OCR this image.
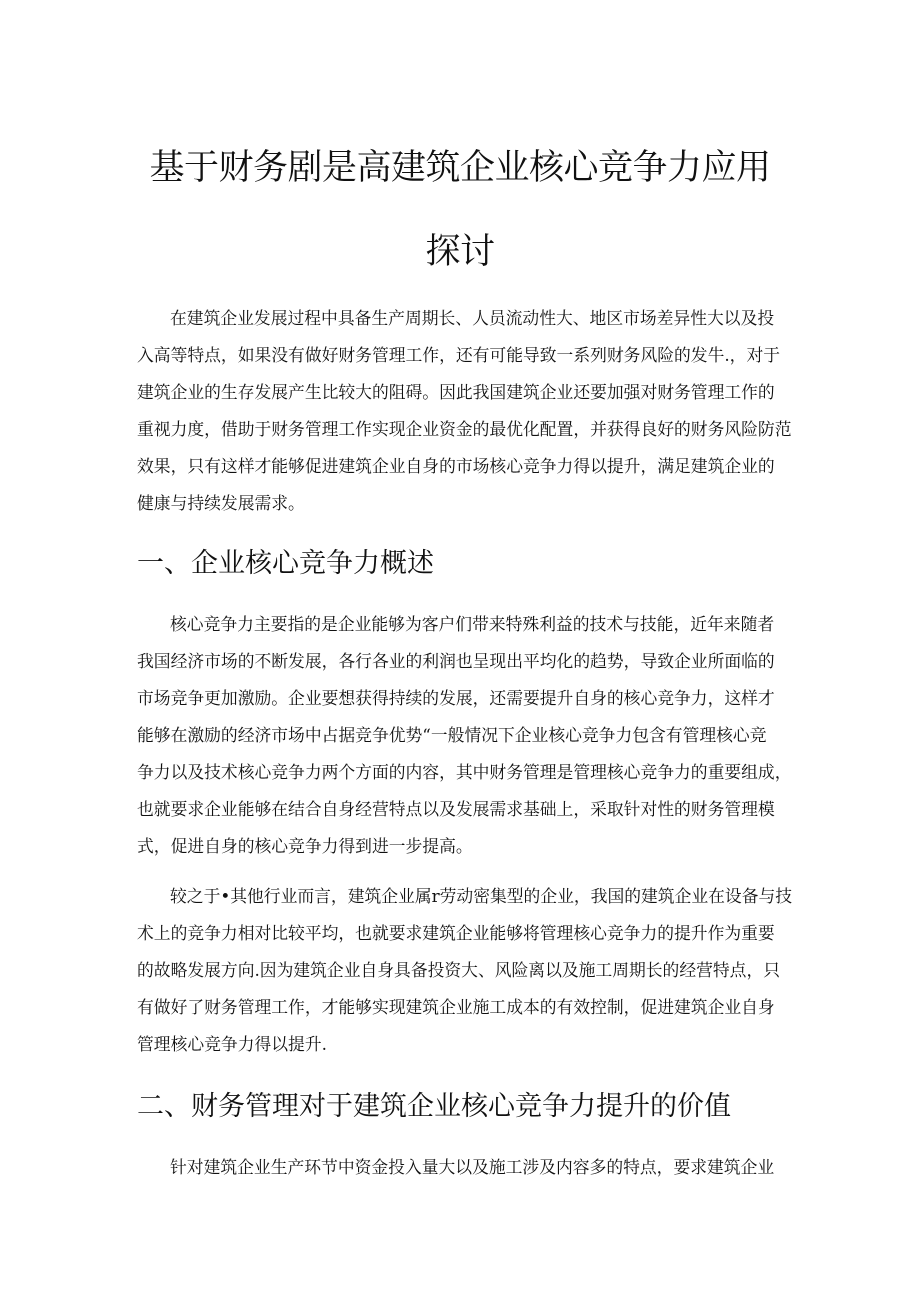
基于财务剧是高建筑企业核心竞争力应用
探讨
在建筑企业发展过程中具备生产周期长、人员流动性大、地区市场差异性大以及投
入高等特点，如果没有做好财务管理工作，还有可能导致一系列财务风险的发牛.，对于
建筑企业的生存发展产生比较大的阻碍。因此我国建筑企业还要加强对财务管理工作的
重视力度，借助于财务管理工作实现企业资金的最优化配置，并获得良好的财务风险防范
效果，只有这样才能够促进建筑企业自身的市场核心竞争力得以提升，满足建筑企业的
健康与持续发展需求。
一、企业核心竞争力概述
核心竞争力主要指的是企业能够为客户们带来特殊利益的技术与技能，近年来随者
我国经济市场的不断发展，各行各业的利润也呈现出平均化的趋势，导致企业所面临的
市场竞争更加激励。企业要想获得持续的发展，还需要提升自身的核心竞争力，这样才
能够在激励的经济市场中占据竞争优势“一般情况下企业核心竞争力包含有管理核心竞
争力以及技术核心竞争力两个方面的内容，其中财务管理是管理核心竞争力的重要组成，
也就要求企业能够在结合自身经营特点以及发展需求基础上，采取针对性的财务管理模
式，促进自身的核心竞争力得到进一步提高。
较之于•其他行业而言，建筑企业属r劳动密集型的企业，我国的建筑企业在设备与技
术上的竞争力相对比较平均，也就要求建筑企业能够将管理核心竞争力的提升作为重要
的故略发展方向.因为建筑企业自身具备投资大、风险离以及施工周期长的经营特点，只
有做好了财务管理工作，才能够实现建筑企业施工成本的有效控制，促进建筑企业自身
管理核心竞争力得以提升.
二、财务管理对于建筑企业核心竞争力提升的价值
针对建筑企业生产环节中资金投入量大以及施工涉及内容多的特点，要求建筑企业
